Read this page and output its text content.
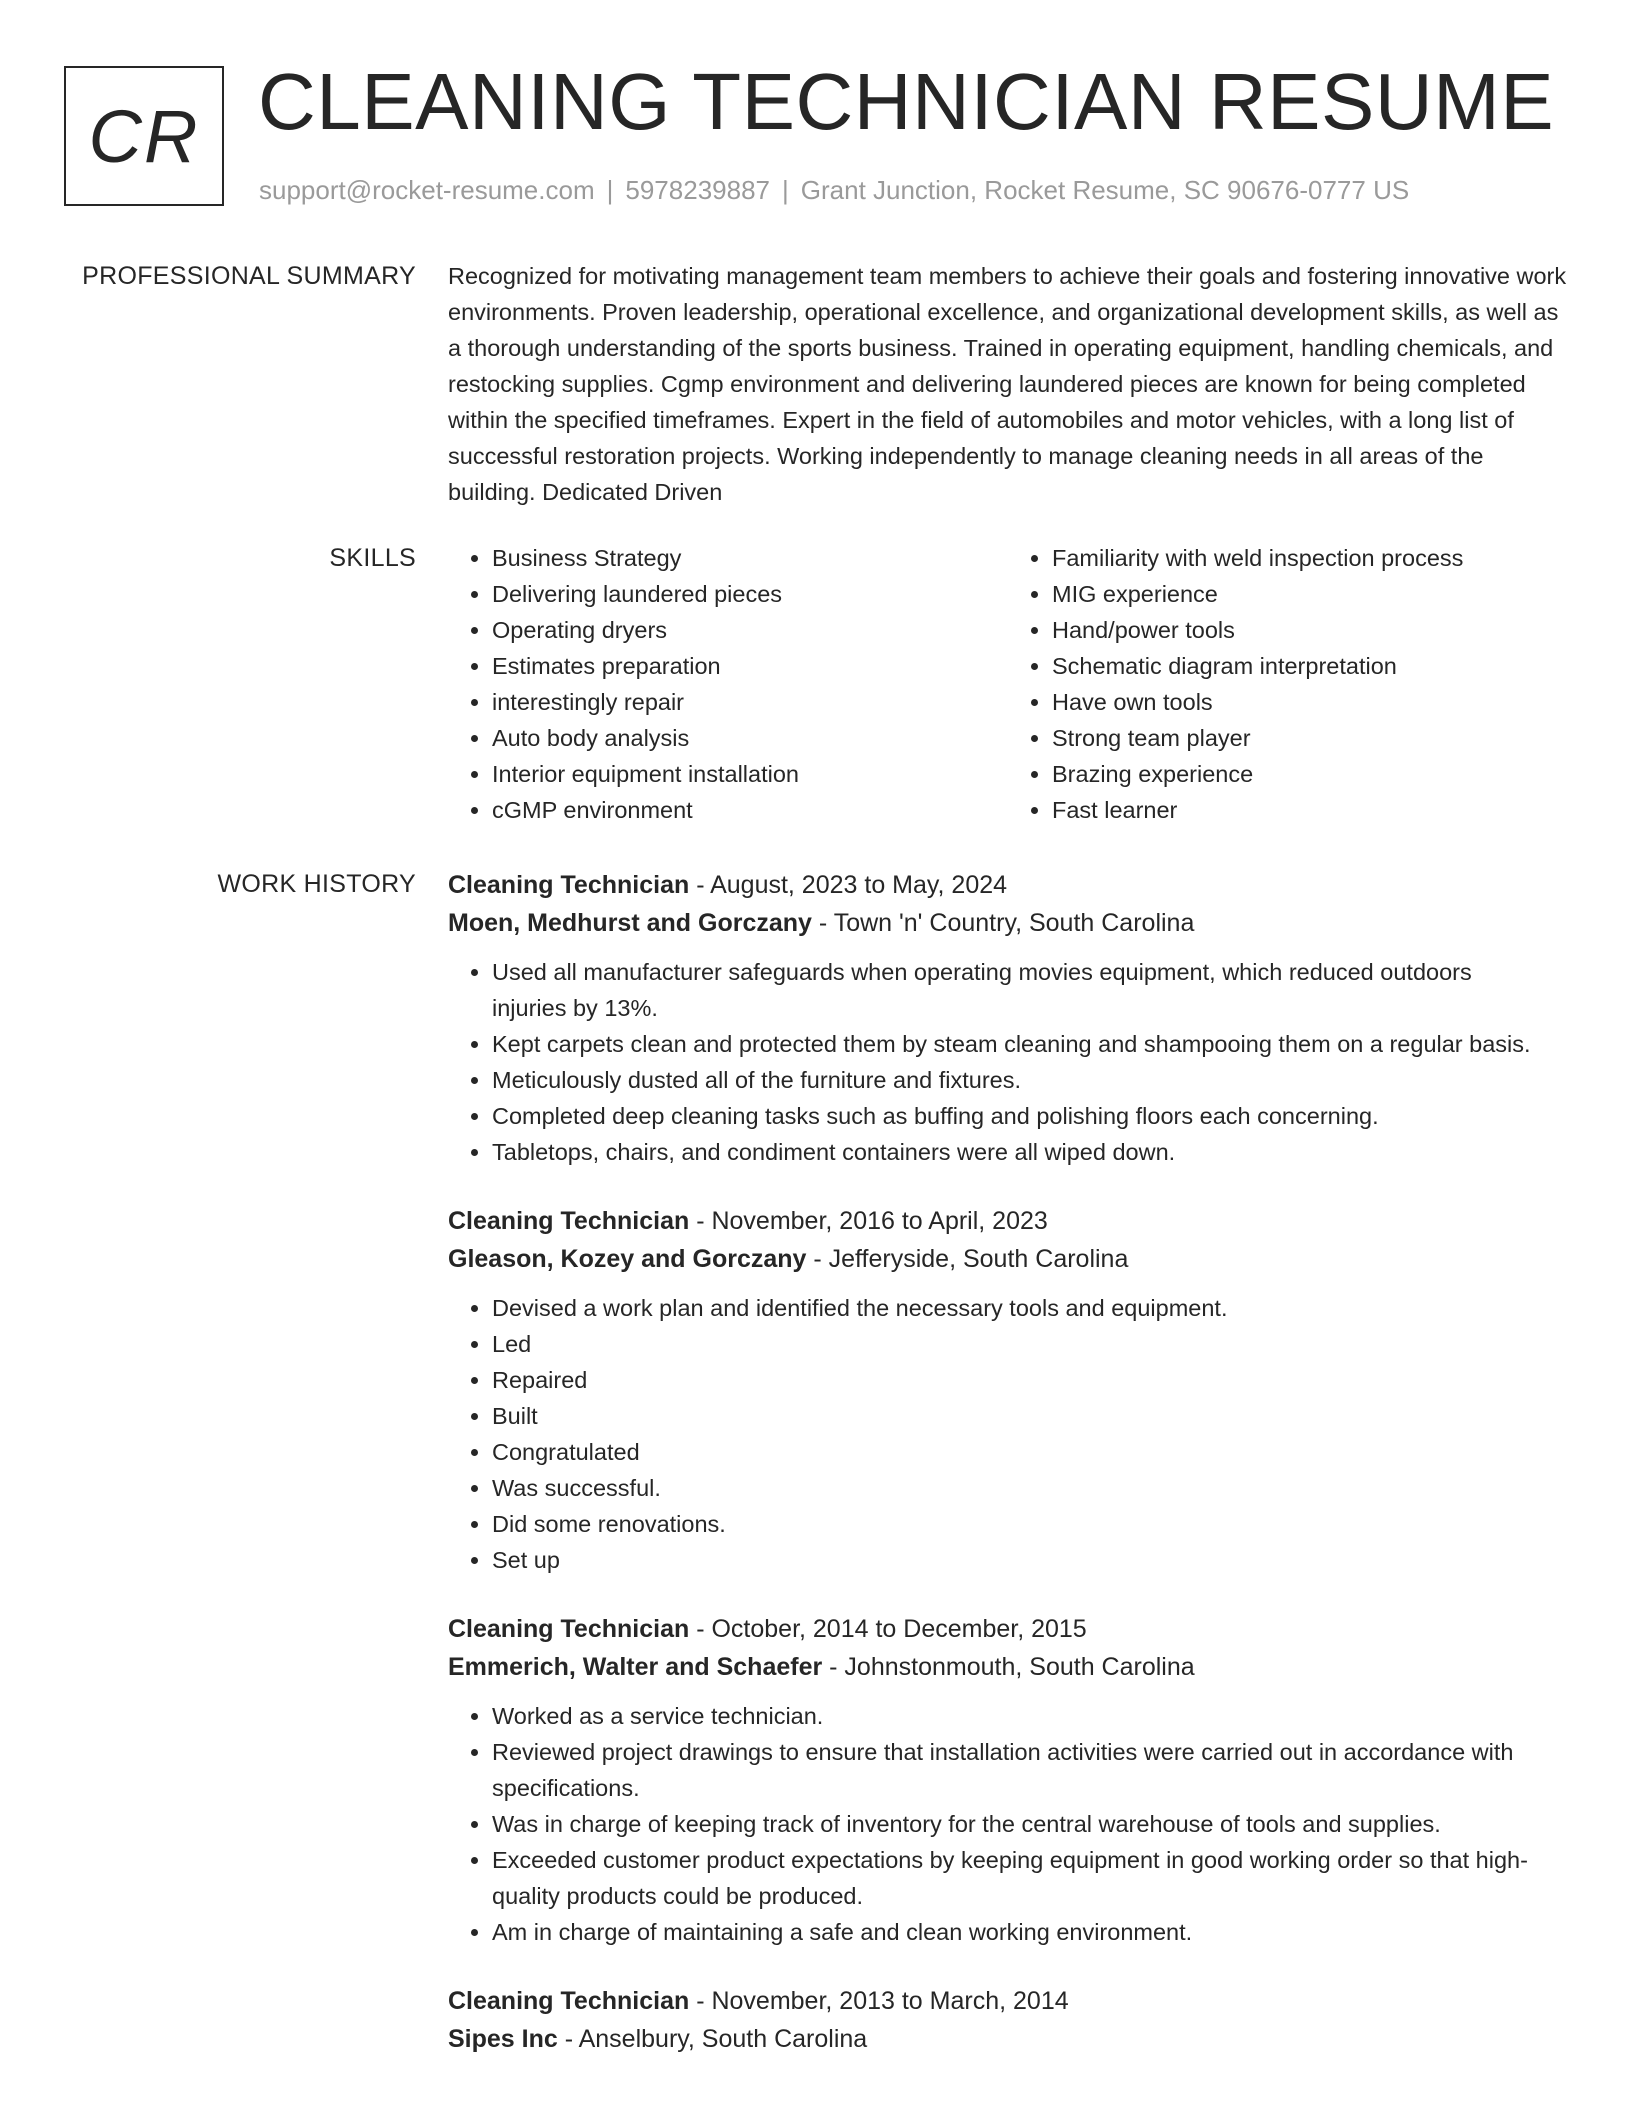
CR CLEANING TECHNICIAN RESUME
support@rocket-resume.com | 5978239887 | Grant Junction, Rocket Resume, SC 90676-0777 US
PROFESSIONAL SUMMARY Recognized for motivating management team members to achieve their goals and fostering innovative work environments. Proven leadership, operational excellence, and organizational development skills, as well as a thorough understanding of the sports business. Trained in operating equipment, handling chemicals, and restocking supplies. Cgmp environment and delivering laundered pieces are known for being completed within the specified timeframes. Expert in the field of automobiles and motor vehicles, with a long list of successful restoration projects. Working independently to manage cleaning needs in all areas of the building. Dedicated Driven

SKILLS
•	Business Strategy
• Delivering laundered pieces
• Operating dryers
• Estimates preparation
• interestingly repair
• Auto body analysis
• Interior equipment installation
• cGMP environment
• Familiarity with weld inspection process
• MIG experience
• Hand/power tools
• Schematic diagram interpretation
• Have own tools
• Strong team player
• Brazing experience
• Fast learner
WORK HISTORY Cleaning Technician - August, 2023 to May, 2024
Moen, Medhurst and Gorczany - Town 'n' Country, South Carolina
• Used all manufacturer safeguards when operating movies equipment, which reduced outdoors injuries by 13%.
• Kept carpets clean and protected them by steam cleaning and shampooing them on a regular basis.
• Meticulously dusted all of the furniture and fixtures.
• Completed deep cleaning tasks such as buffing and polishing floors each concerning.
• Tabletops, chairs, and condiment containers were all wiped down.
Cleaning Technician - November, 2016 to April, 2023
Gleason, Kozey and Gorczany - Jefferyside, South Carolina
• Devised a work plan and identified the necessary tools and equipment.
• Led
• Repaired
• Built
• Congratulated
• Was successful.
• Did some renovations.
• Set up
Cleaning Technician - October, 2014 to December, 2015
Emmerich, Walter and Schaefer - Johnstonmouth, South Carolina
• Worked as a service technician.
• Reviewed project drawings to ensure that installation activities were carried out in accordance with specifications.
• Was in charge of keeping track of inventory for the central warehouse of tools and supplies.
• Exceeded customer product expectations by keeping equipment in good working order so that high-quality products could be produced.
• Am in charge of maintaining a safe and clean working environment.
Cleaning Technician - November, 2013 to March, 2014
Sipes Inc - Anselbury, South Carolina
